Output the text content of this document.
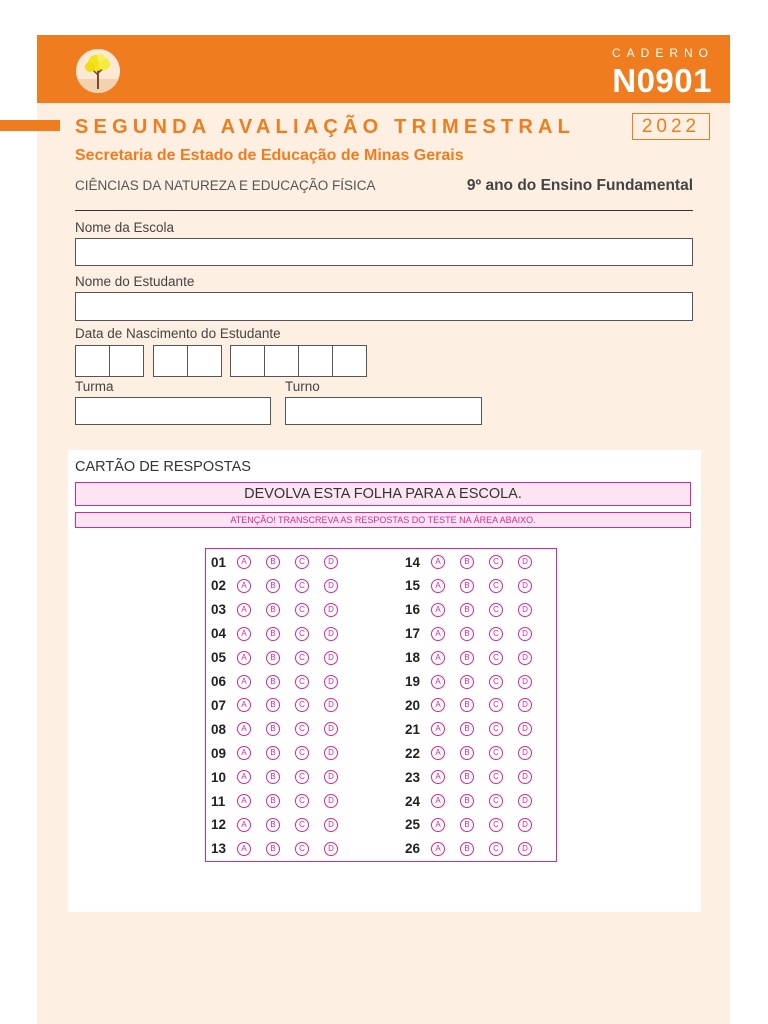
CADERNO
N0901
SEGUNDA AVALIAÇÃO TRIMESTRAL	2022
Secretaria de Estado de Educação de Minas Gerais
CIÊNCIAS DA NATUREZA E EDUCAÇÃO FÍSICA	9º ano do Ensino Fundamental
Nome da Escola
Nome do Estudante
Data de Nascimento do Estudante
Turma	Turno
CARTÃO DE RESPOSTAS
DEVOLVA ESTA FOLHA PARA A ESCOLA.
ATENÇÃO! TRANSCREVA AS RESPOSTAS DO TESTE NA ÁREA ABAIXO.
01	A	B	C	D
02	A	B	C	D
03	A	B	C	D
04	A	B	C	D
05	A	B	C	D
06	A	B	C	D
07	A	B	C	D
08	A	B	C	D
09	A	B	C	D
10	A	B	C	D
11	A	B	C	D
12	A	B	C	D
13	A	B	C	D
14	A	B	C	D
15	A	B	C	D
16	A	B	C	D
17	A	B	C	D
18	A	B	C	D
19	A	B	C	D
20	A	B	C	D
21	A	B	C	D
22	A	B	C	D
23	A	B	C	D
24	A	B	C	D
25	A	B	C	D
26	A	B	C	D
